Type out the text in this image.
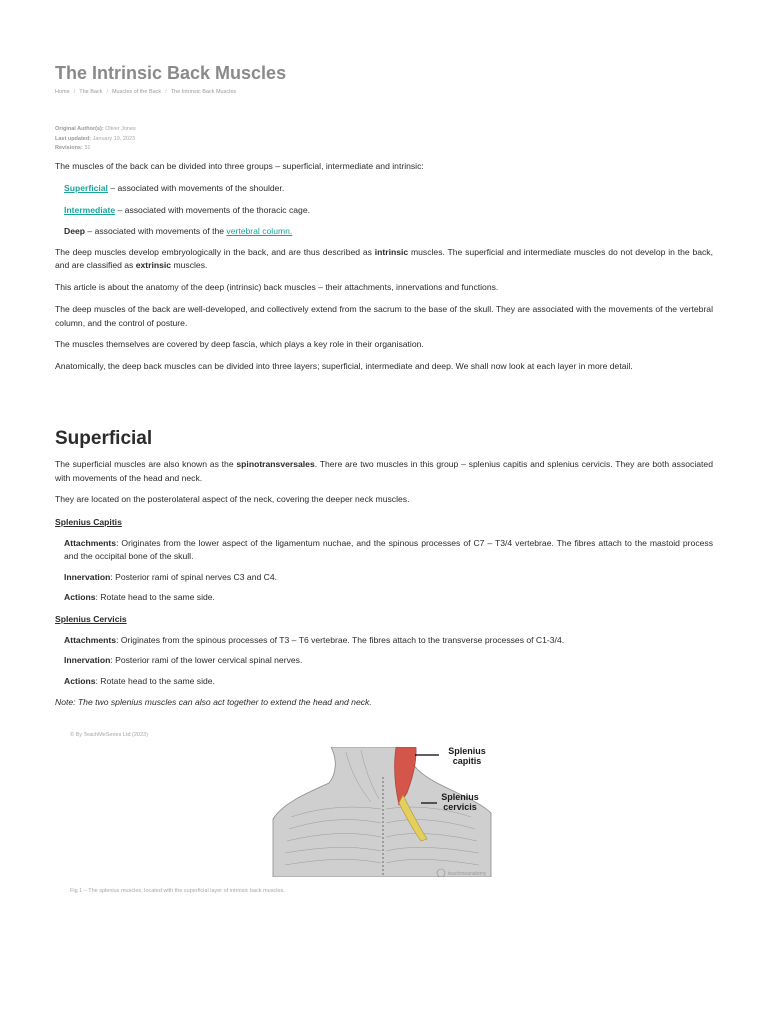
The Intrinsic Back Muscles
Home / The Back / Muscles of the Back / The Intrinsic Back Muscles
Original Author(s): Oliver Jones
Last updated: January 19, 2023
Revisions: 31

The muscles of the back can be divided into three groups – superficial, intermediate and intrinsic:

Superficial – associated with movements of the shoulder.

Intermediate – associated with movements of the thoracic cage.

Deep – associated with movements of the vertebral column.

The deep muscles develop embryologically in the back, and are thus described as intrinsic muscles. The superficial and intermediate muscles do not develop in the back, and are classified as extrinsic muscles.

This article is about the anatomy of the deep (intrinsic) back muscles – their attachments, innervations and functions.

The deep muscles of the back are well-developed, and collectively extend from the sacrum to the base of the skull. They are associated with the movements of the vertebral column, and the control of posture.

The muscles themselves are covered by deep fascia, which plays a key role in their organisation.

Anatomically, the deep back muscles can be divided into three layers; superficial, intermediate and deep. We shall now look at each layer in more detail.

Superficial

The superficial muscles are also known as the spinotransversales. There are two muscles in this group – splenius capitis and splenius cervicis. They are both associated with movements of the head and neck.

They are located on the posterolateral aspect of the neck, covering the deeper neck muscles.

Splenius Capitis

Attachments: Originates from the lower aspect of the ligamentum nuchae, and the spinous processes of C7 – T3/4 vertebrae. The fibres attach to the mastoid process and the occipital bone of the skull.

Innervation: Posterior rami of spinal nerves C3 and C4.

Actions: Rotate head to the same side.

Splenius Cervicis

Attachments: Originates from the spinous processes of T3 – T6 vertebrae. The fibres attach to the transverse processes of C1-3/4.

Innervation: Posterior rami of the lower cervical spinal nerves.

Actions: Rotate head to the same side.

Note: The two splenius muscles can also act together to extend the head and neck.

© By TeachMeSeries Ltd (2023)
Splenius
capitis
Splenius
cervicis
teachmeanatomy
Fig 1 – The splenius muscles, located with the superficial layer of intrinsic back muscles.
